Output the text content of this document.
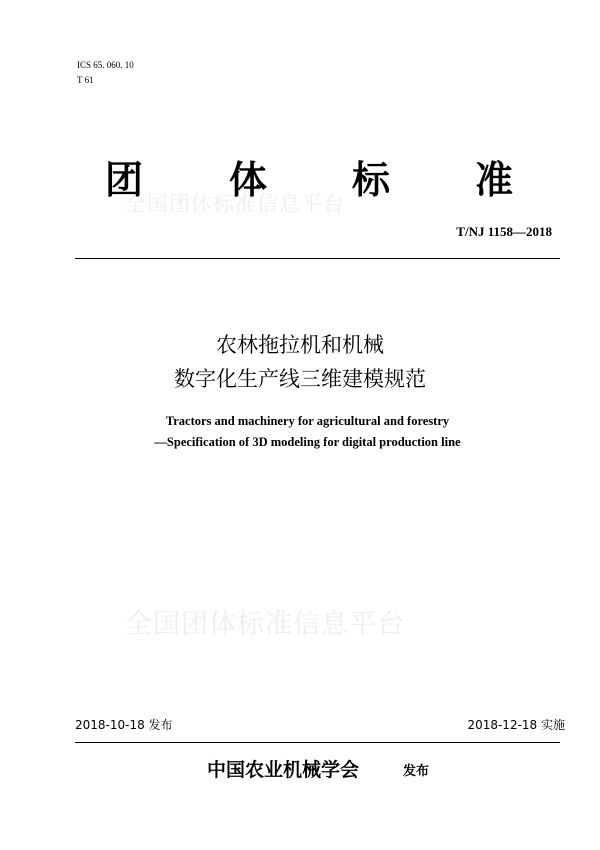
ICS 65. 060. 10
T 61
全国团体标准信息平台
团 体 标 准
T/NJ 1158—2018
农林拖拉机和机械
数字化生产线三维建模规范
Tractors and machinery for agricultural and forestry
—Specification of 3D modeling for digital production line
全国团体标准信息平台
2018-10-18 发布	2018-12-18 实施
中国农业机械学会	发布
